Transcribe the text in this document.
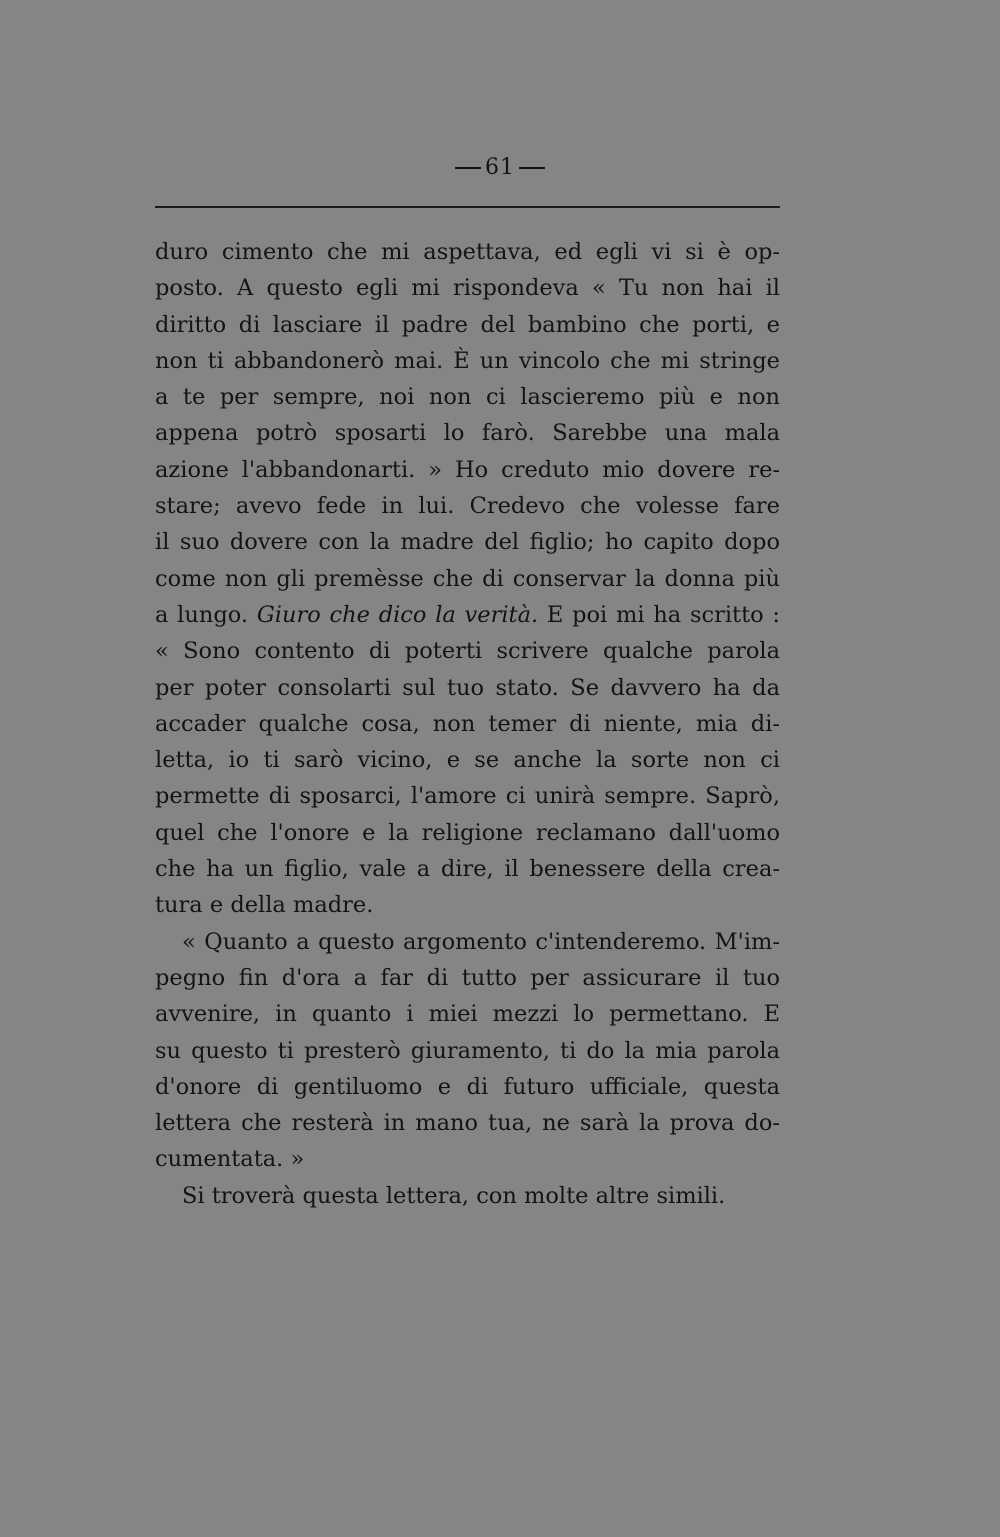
61
duro cimento che mi aspettava, ed egli vi si è op-
posto. A questo egli mi rispondeva « Tu non hai il
diritto di lasciare il padre del bambino che porti, e
non ti abbandonerò mai. È un vincolo che mi stringe
a te per sempre, noi non ci lascieremo più e non
appena potrò sposarti lo farò. Sarebbe una mala
azione l'abbandonarti. » Ho creduto mio dovere re-
stare; avevo fede in lui. Credevo che volesse fare
il suo dovere con la madre del figlio; ho capito dopo
come non gli premèsse che di conservar la donna più
a lungo. Giuro che dico la verità. E poi mi ha scritto :
« Sono contento di poterti scrivere qualche parola
per poter consolarti sul tuo stato. Se davvero ha da
accader qualche cosa, non temer di niente, mia di-
letta, io ti sarò vicino, e se anche la sorte non ci
permette di sposarci, l'amore ci unirà sempre. Saprò,
quel che l'onore e la religione reclamano dall'uomo
che ha un figlio, vale a dire, il benessere della crea-
tura e della madre.
« Quanto a questo argomento c'intenderemo. M'im-
pegno fin d'ora a far di tutto per assicurare il tuo
avvenire, in quanto i miei mezzi lo permettano. E
su questo ti presterò giuramento, ti do la mia parola
d'onore di gentiluomo e di futuro ufficiale, questa
lettera che resterà in mano tua, ne sarà la prova do-
cumentata. »
Si troverà questa lettera, con molte altre simili.
